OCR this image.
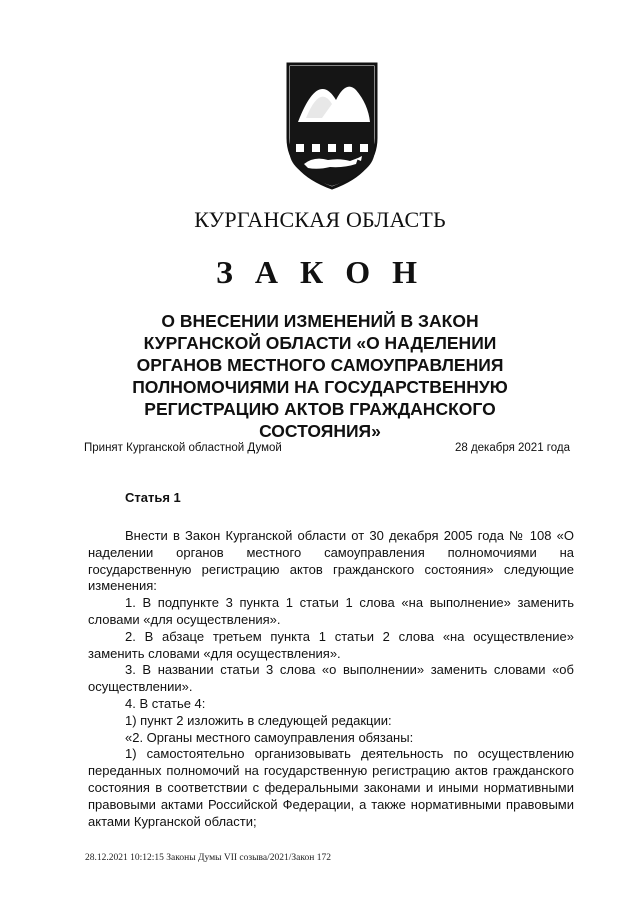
КУРГАНСКАЯ ОБЛАСТЬ
З А К О Н
О ВНЕСЕНИИ ИЗМЕНЕНИЙ В ЗАКОН КУРГАНСКОЙ ОБЛАСТИ «О НАДЕЛЕНИИ ОРГАНОВ МЕСТНОГО САМОУПРАВЛЕНИЯ ПОЛНОМОЧИЯМИ НА ГОСУДАРСТВЕННУЮ РЕГИСТРАЦИЮ АКТОВ ГРАЖДАНСКОГО СОСТОЯНИЯ»
Принят Курганской областной Думой	28 декабря 2021 года
Статья 1

Внести в Закон Курганской области от 30 декабря 2005 года № 108 «О наделении органов местного самоуправления полномочиями на государственную регистрацию актов гражданского состояния» следующие изменения:

1. В подпункте 3 пункта 1 статьи 1 слова «на выполнение» заменить словами «для осуществления».

2. В абзаце третьем пункта 1 статьи 2 слова «на осуществление» заменить словами «для осуществления».

3. В названии статьи 3 слова «о выполнении» заменить словами «об осуществлении».

4. В статье 4:

1) пункт 2 изложить в следующей редакции:

«2. Органы местного самоуправления обязаны:

1) самостоятельно организовывать деятельность по осуществлению переданных полномочий на государственную регистрацию актов гражданского состояния в соответствии с федеральными законами и иными нормативными правовыми актами Российской Федерации, а также нормативными правовыми актами Курганской области;

28.12.2021 10:12:15 Законы Думы VII созыва/2021/Закон 172
